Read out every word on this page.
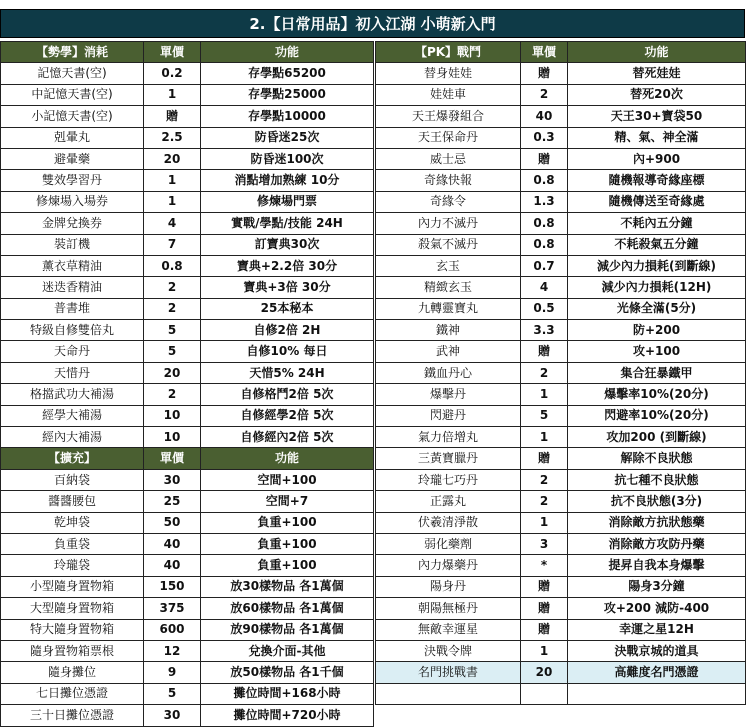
2.【日常用品】初入江湖 小萌新入門
【勢學】消耗	單價	功能
記憶天書(空)	0.2	存學點65200
中記憶天書(空)	1	存學點25000
小記憶天書(空)	贈	存學點10000
剋暈丸	2.5	防昏迷25次
避暈藥	20	防昏迷100次
雙效學習丹	1	消點增加熟練 10分
修煉場入場券	1	修煉場門票
金牌兌換券	4	實戰/學點/技能 24H
裝訂機	7	訂寶典30次
薰衣草精油	0.8	寶典+2.2倍 30分
迷迭香精油	2	寶典+3倍 30分
普書堆	2	25本秘本
特級自修雙倍丸	5	自修2倍 2H
天命丹	5	自修10% 每日
天惜丹	20	天惜5% 24H
格擋武功大補湯	2	自修格鬥2倍 5次
經學大補湯	10	自修經學2倍 5次
經內大補湯	10	自修經內2倍 5次
【擴充】	單價	功能
百納袋	30	空間+100
醬醬腰包	25	空間+7
乾坤袋	50	負重+100
負重袋	40	負重+100
玲瓏袋	40	負重+100
小型隨身置物箱	150	放30樣物品 各1萬個
大型隨身置物箱	375	放60樣物品 各1萬個
特大隨身置物箱	600	放90樣物品 各1萬個
隨身置物箱票根	12	兌換介面-其他
隨身攤位	9	放50樣物品 各1千個
七日攤位憑證	5	攤位時間+168小時
三十日攤位憑證	30	攤位時間+720小時
【PK】戰鬥	單價	功能
替身娃娃	贈	替死娃娃
娃娃車	2	替死20次
天王爆發組合	40	天王30+寶袋50
天王保命丹	0.3	精、氣、神全滿
威士忌	贈	內+900
奇緣快報	0.8	隨機報導奇緣座標
奇緣令	1.3	隨機傳送至奇緣處
內力不滅丹	0.8	不耗內五分鐘
殺氣不滅丹	0.8	不耗殺氣五分鐘
玄玉	0.7	減少內力損耗(到斷線)
精緻玄玉	4	減少內力損耗(12H)
九轉靈寶丸	0.5	光條全滿(5分)
鐵神	3.3	防+200
武神	贈	攻+100
鐵血丹心	2	集合狂暴鐵甲
爆擊丹	1	爆擊率10%(20分)
閃避丹	5	閃避率10%(20分)
氣力倍增丸	1	攻加200 (到斷線)
三黃寶臘丹	贈	解除不良狀態
玲瓏七巧丹	2	抗七種不良狀態
正露丸	2	抗不良狀態(3分)
伏羲清淨散	1	消除敵方抗狀態藥
弱化藥劑	3	消除敵方攻防丹藥
內力爆藥丹	*	提昇自我本身爆擊
陽身丹	贈	陽身3分鐘
朝陽無極丹	贈	攻+200 減防-400
無敵幸運星	贈	幸運之星12H
決戰令牌	1	決戰京城的道具
名門挑戰書	20	高難度名門憑證
